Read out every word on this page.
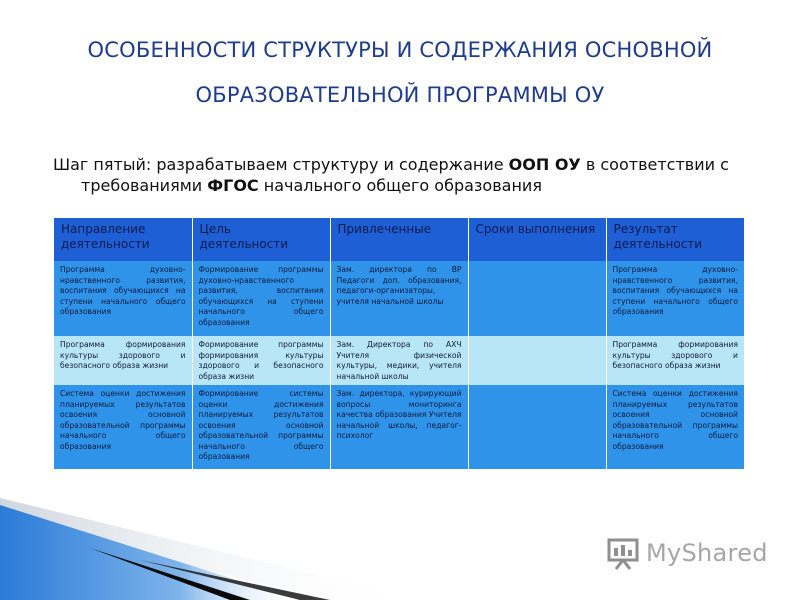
ОСОБЕННОСТИ СТРУКТУРЫ И СОДЕРЖАНИЯ ОСНОВНОЙ
ОБРАЗОВАТЕЛЬНОЙ ПРОГРАММЫ ОУ
Шаг пятый: разрабатываем структуру и содержание ООП ОУ в соответствии с
требованиями ФГОС начального общего образования
Направление деятельности	Цель деятельности	Привлеченные	Сроки выполнения	Результат деятельности
Программа духовно-нравственного развития, воспитания обучающихся на ступени начального общего образования	Формирование программы духовно-нравственного развития, воспитания обучающихся на ступени начального общего образования	Зам. директора по ВР Педагоги доп. образования, педагоги-организаторы, учителя начальной школы		Программа духовно-нравственного развития, воспитания обучающихся на ступени начального общего образования
Программа формирования культуры здорового и безопасного образа жизни	Формирование программы формирования культуры здорового и безопасного образа жизни	Зам. Директора по АХЧ Учителя физической культуры, медики, учителя начальной школы		Программа формирования культуры здорового и безопасного образа жизни
Система оценки достижения планируемых результатов освоения основной образовательной программы начального общего образования	Формирование системы оценки достижения планируемых результатов освоения основной образовательной программы начального общего образования	Зам. директора, курирующий вопросы мониторинга качества образования Учителя начальной школы, педагог-психолог		Система оценки достижения планируемых результатов освоения основной образовательной программы начального общего образования
MyShared
